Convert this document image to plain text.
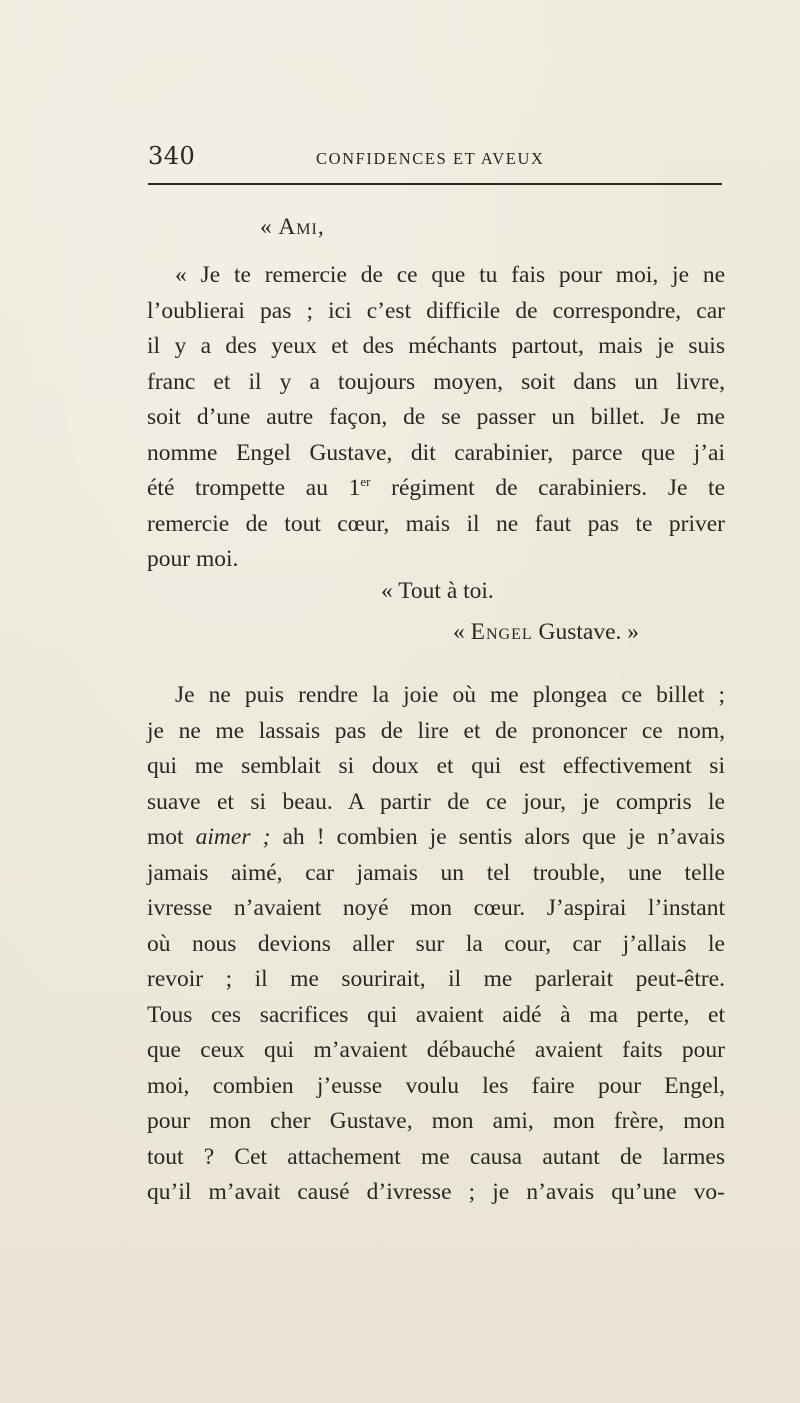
340	CONFIDENCES ET AVEUX
« Ami,
« Je te remercie de ce que tu fais pour moi, je ne
l’oublierai pas ; ici c’est difficile de correspondre, car
il y a des yeux et des méchants partout, mais je suis
franc et il y a toujours moyen, soit dans un livre,
soit d’une autre façon, de se passer un billet. Je me
nomme Engel Gustave, dit carabinier, parce que j’ai
été trompette au 1er régiment de carabiniers. Je te
remercie de tout cœur, mais il ne faut pas te priver
pour moi.
« Tout à toi.
« Engel Gustave. »
Je ne puis rendre la joie où me plongea ce billet ;
je ne me lassais pas de lire et de prononcer ce nom,
qui me semblait si doux et qui est effectivement si
suave et si beau. A partir de ce jour, je compris le
mot aimer ; ah ! combien je sentis alors que je n’avais
jamais aimé, car jamais un tel trouble, une telle
ivresse n’avaient noyé mon cœur. J’aspirai l’instant
où nous devions aller sur la cour, car j’allais le
revoir ; il me sourirait, il me parlerait peut-être.
Tous ces sacrifices qui avaient aidé à ma perte, et
que ceux qui m’avaient débauché avaient faits pour
moi, combien j’eusse voulu les faire pour Engel,
pour mon cher Gustave, mon ami, mon frère, mon
tout ? Cet attachement me causa autant de larmes
qu’il m’avait causé d’ivresse ; je n’avais qu’une vo-
